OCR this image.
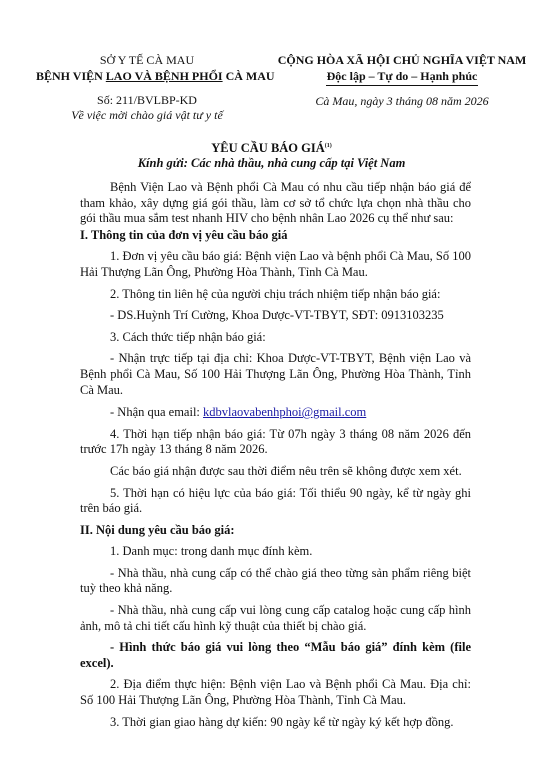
SỞ Y TẾ CÀ MAU
BỆNH VIỆN LAO VÀ BỆNH PHỔI CÀ MAU
Số: 211/BVLBP-KD
Về việc mời chào giá vật tư y tế
CỘNG HÒA XÃ HỘI CHỦ NGHĨA VIỆT NAM
Độc lập – Tự do – Hạnh phúc
Cà Mau, ngày 3 tháng 08 năm 2026
YÊU CẦU BÁO GIÁ$^{(1)}$
Kính gửi: Các nhà thầu, nhà cung cấp tại Việt Nam

Bệnh Viện Lao và Bệnh phổi Cà Mau có nhu cầu tiếp nhận báo giá để tham khảo, xây dựng giá gói thầu, làm cơ sở tổ chức lựa chọn nhà thầu cho gói thầu mua sắm test nhanh HIV cho bệnh nhân Lao 2026 cụ thể như sau:

I. Thông tin của đơn vị yêu cầu báo giá

1. Đơn vị yêu cầu báo giá: Bệnh viện Lao và bệnh phổi Cà Mau, Số 100 Hải Thượng Lãn Ông, Phường Hòa Thành, Tỉnh Cà Mau.

2. Thông tin liên hệ của người chịu trách nhiệm tiếp nhận báo giá:

- DS.Huỳnh Trí Cường, Khoa Dược-VT-TBYT, SĐT: 0913103235

3. Cách thức tiếp nhận báo giá:

- Nhận trực tiếp tại địa chỉ: Khoa Dược-VT-TBYT, Bệnh viện Lao và Bệnh phổi Cà Mau, Số 100 Hải Thượng Lãn Ông, Phường Hòa Thành, Tỉnh Cà Mau.

- Nhận qua email: kdbvlaovabenhphoi@gmail.com

4. Thời hạn tiếp nhận báo giá: Từ 07h ngày 3 tháng 08 năm 2026 đến trước 17h ngày 13 tháng 8 năm 2026.

Các báo giá nhận được sau thời điểm nêu trên sẽ không được xem xét.

5. Thời hạn có hiệu lực của báo giá: Tối thiểu 90 ngày, kể từ ngày ghi trên báo giá.

II. Nội dung yêu cầu báo giá:

1. Danh mục: trong danh mục đính kèm.

- Nhà thầu, nhà cung cấp có thể chào giá theo từng sản phẩm riêng biệt tuỳ theo khả năng.

- Nhà thầu, nhà cung cấp vui lòng cung cấp catalog hoặc cung cấp hình ảnh, mô tả chi tiết cấu hình kỹ thuật của thiết bị chào giá.

- Hình thức báo giá vui lòng theo “Mẫu báo giá” đính kèm (file excel).

2. Địa điểm thực hiện: Bệnh viện Lao và Bệnh phổi Cà Mau. Địa chỉ: Số 100 Hải Thượng Lãn Ông, Phường Hòa Thành, Tỉnh Cà Mau.

3. Thời gian giao hàng dự kiến: 90 ngày kể từ ngày ký kết hợp đồng.
